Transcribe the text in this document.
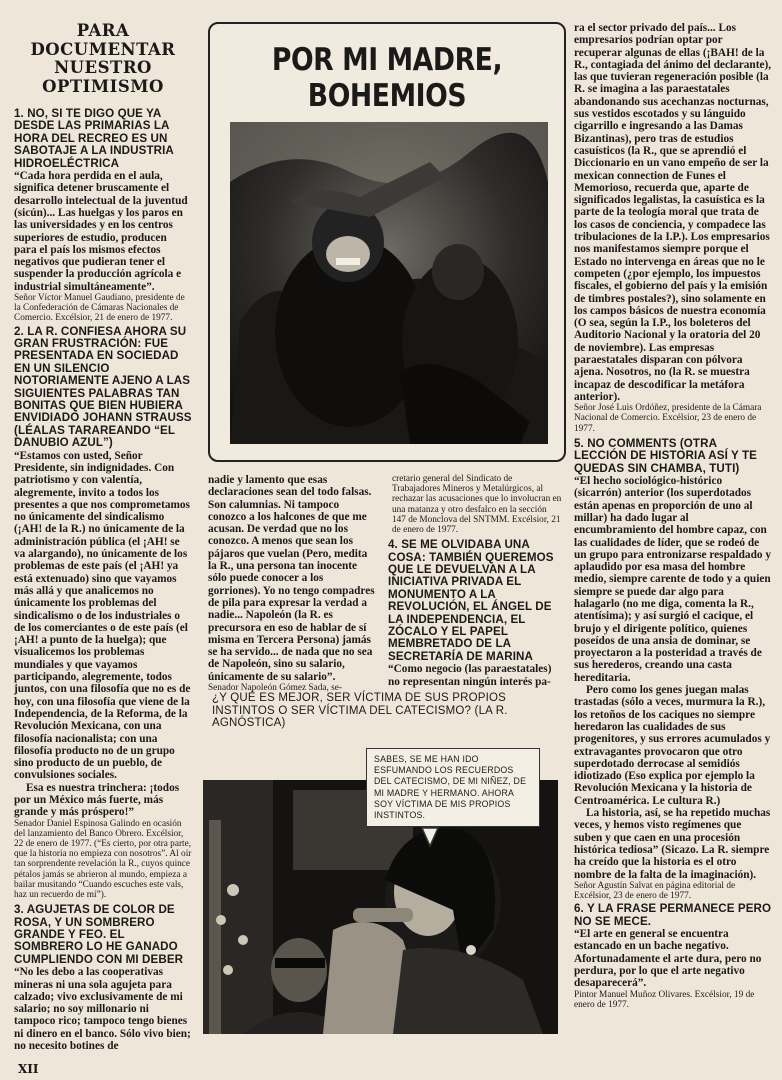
PARA DOCUMENTAR NUESTRO OPTIMISMO

1. NO, SI TE DIGO QUE YA DESDE LAS PRIMARIAS LA HORA DEL RECREO ES UN SABOTAJE A LA INDUSTRIA HIDROELÉCTRICA

“Cada hora perdida en el aula, significa detener bruscamente el desarrollo intelectual de la juventud (sicún)... Las huelgas y los paros en las universidades y en los centros superiores de estudio, producen para el país los mismos efectos negativos que pudieran tener el suspender la producción agrícola e industrial simultáneamente”.

Señor Víctor Manuel Gaudiano, presidente de la Confederación de Cámaras Nacionales de Comercio. Excélsior, 21 de enero de 1977.

2. LA R. CONFIESA AHORA SU GRAN FRUSTRACIÓN: FUE PRESENTADA EN SOCIEDAD EN UN SILENCIO NOTORIAMENTE AJENO A LAS SIGUIENTES PALABRAS TAN BONITAS QUE BIEN HUBIERA ENVIDIADO JOHANN STRAUSS (LÉALAS TARAREANDO “EL DANUBIO AZUL”)

“Estamos con usted, Señor Presidente, sin indignidades. Con patriotismo y con valentía, alegremente, invito a todos los presentes a que nos comprometamos no únicamente del sindicalismo (¡AH! de la R.) no únicamente de la administración pública (el ¡AH! se va alargando), no únicamente de los problemas de este país (el ¡AH! ya está extenuado) sino que vayamos más allá y que analicemos no únicamente los problemas del sindicalismo o de los industriales o de los comerciantes o de este país (el ¡AH! a punto de la huelga); que visualicemos los problemas mundiales y que vayamos participando, alegremente, todos juntos, con una filosofía que no es de hoy, con una filosofía que viene de la Independencia, de la Reforma, de la Revolución Mexicana, con una filosofía nacionalista; con una filosofía producto no de un grupo sino producto de un pueblo, de convulsiones sociales.

Esa es nuestra trinchera: ¡todos por un México más fuerte, más grande y más próspero!”

Senador Daniel Espinosa Galindo en ocasión del lanzamiento del Banco Obrero. Excélsior, 22 de enero de 1977. (“Es cierto, por otra parte, que la historia no empieza con nosotros”. Al oír tan sorprendente revelación la R., cuyos quince pétalos jamás se abrieron al mundo, empieza a bailar musitando “Cuando escuches este vals, haz un recuerdo de mí”).

3. AGUJETAS DE COLOR DE ROSA, Y UN SOMBRERO GRANDE Y FEO. EL SOMBRERO LO HE GANADO CUMPLIENDO CON MI DEBER

“No les debo a las cooperativas mineras ni una sola agujeta para calzado; vivo exclusivamente de mi salario; no soy millonario ni tampoco rico; tampoco tengo bienes ni dinero en el banco. Sólo vivo bien; no necesito botines de

XII
POR MI MADRE,
BOHEMIOS

nadie y lamento que esas declaraciones sean del todo falsas. Son calumnias. Ni tampoco conozco a los halcones de que me acusan. De verdad que no los conozco. A menos que sean los pájaros que vuelan (Pero, medita la R., una persona tan inocente sólo puede conocer a los gorriones). Yo no tengo compadres de pila para expresar la verdad a nadie... Napoleón (la R. es precursora en eso de hablar de sí misma en Tercera Persona) jamás se ha servido... de nada que no sea de Napoleón, sino su salario, únicamente de su salario”.

Senador Napoleón Gómez Sada, se-

cretario general del Sindicato de Trabajadores Mineros y Metalúrgicos, al rechazar las acusaciones que lo involucran en una matanza y otro desfalco en la sección 147 de Monclova del SNTMM. Excélsior, 21 de enero de 1977.

4. SE ME OLVIDABA UNA COSA: TAMBIÉN QUEREMOS QUE LE DEVUELVAN A LA INICIATIVA PRIVADA EL MONUMENTO A LA REVOLUCIÓN, EL ÁNGEL DE LA INDEPENDENCIA, EL ZÓCALO Y EL PAPEL MEMBRETADO DE LA SECRETARÍA DE MARINA

“Como negocio (las paraestatales) no representan ningún interés pa-

¿Y QUÉ ES MEJOR, SER VÍCTIMA DE SUS PROPIOS INSTINTOS O SER VÍCTIMA DEL CATECISMO? (LA R. AGNÓSTICA)
SABES, SE ME HAN IDO ESFUMANDO LOS RECUERDOS DEL CATECISMO, DE MI NIÑEZ, DE MI MADRE Y HERMANO. AHORA SOY VÍCTIMA DE MIS PROPIOS INSTINTOS.

ra el sector privado del país... Los empresarios podrían optar por recuperar algunas de ellas (¡BAH! de la R., contagiada del ánimo del declarante), las que tuvieran regeneración posible (la R. se imagina a las paraestatales abandonando sus acechanzas nocturnas, sus vestidos escotados y su lánguido cigarrillo e ingresando a las Damas Bizantinas), pero tras de estudios casuísticos (la R., que se aprendió el Diccionario en un vano empeño de ser la mexican connection de Funes el Memorioso, recuerda que, aparte de significados legalistas, la casuística es la parte de la teología moral que trata de los casos de conciencia, y compadece las tribulaciones de la I.P.). Los empresarios nos manifestamos siempre porque el Estado no intervenga en áreas que no le competen (¿por ejemplo, los impuestos fiscales, el gobierno del país y la emisión de timbres postales?), sino solamente en los campos básicos de nuestra economía (O sea, según la I.P., los boleteros del Auditorio Nacional y la oratoria del 20 de noviembre). Las empresas paraestatales disparan con pólvora ajena. Nosotros, no (la R. se muestra incapaz de descodificar la metáfora anterior).

Señor José Luis Ordóñez, presidente de la Cámara Nacional de Comercio. Excélsior, 23 de enero de 1977.

5. NO COMMENTS (OTRA LECCIÓN DE HISTORIA ASÍ Y TE QUEDAS SIN CHAMBA, TUTI)

“El hecho sociológico-histórico (sicarrón) anterior (los superdotados están apenas en proporción de uno al millar) ha dado lugar al encumbramiento del hombre capaz, con las cualidades de líder, que se rodeó de un grupo para entronizarse respaldado y aplaudido por esa masa del hombre medio, siempre carente de todo y a quien siempre se puede dar algo para halagarlo (no me diga, comenta la R., atentísima); y así surgió el cacique, el brujo y el dirigente político, quienes poseídos de una ansia de dominar, se proyectaron a la posteridad a través de sus herederos, creando una casta hereditaria.

Pero como los genes juegan malas trastadas (sólo a veces, murmura la R.), los retoños de los caciques no siempre heredaron las cualidades de sus progenitores, y sus errores acumulados y extravagantes provocaron que otro superdotado derrocase al semidiós idiotizado (Eso explica por ejemplo la Revolución Mexicana y la historia de Centroamérica. Le cultura R.)

La historia, así, se ha repetido muchas veces, y hemos visto regímenes que suben y que caen en una procesión histórica tediosa” (Sicazo. La R. siempre ha creído que la historia es el otro nombre de la falta de la imaginación).

Señor Agustín Salvat en página editorial de Excélsior, 23 de enero de 1977.

6. Y LA FRASE PERMANECE PERO NO SE MECE.

“El arte en general se encuentra estancado en un bache negativo. Afortunadamente el arte dura, pero no perdura, por lo que el arte negativo desaparecerá”.

Pintor Manuel Muñoz Olivares. Excélsior, 19 de enero de 1977.
